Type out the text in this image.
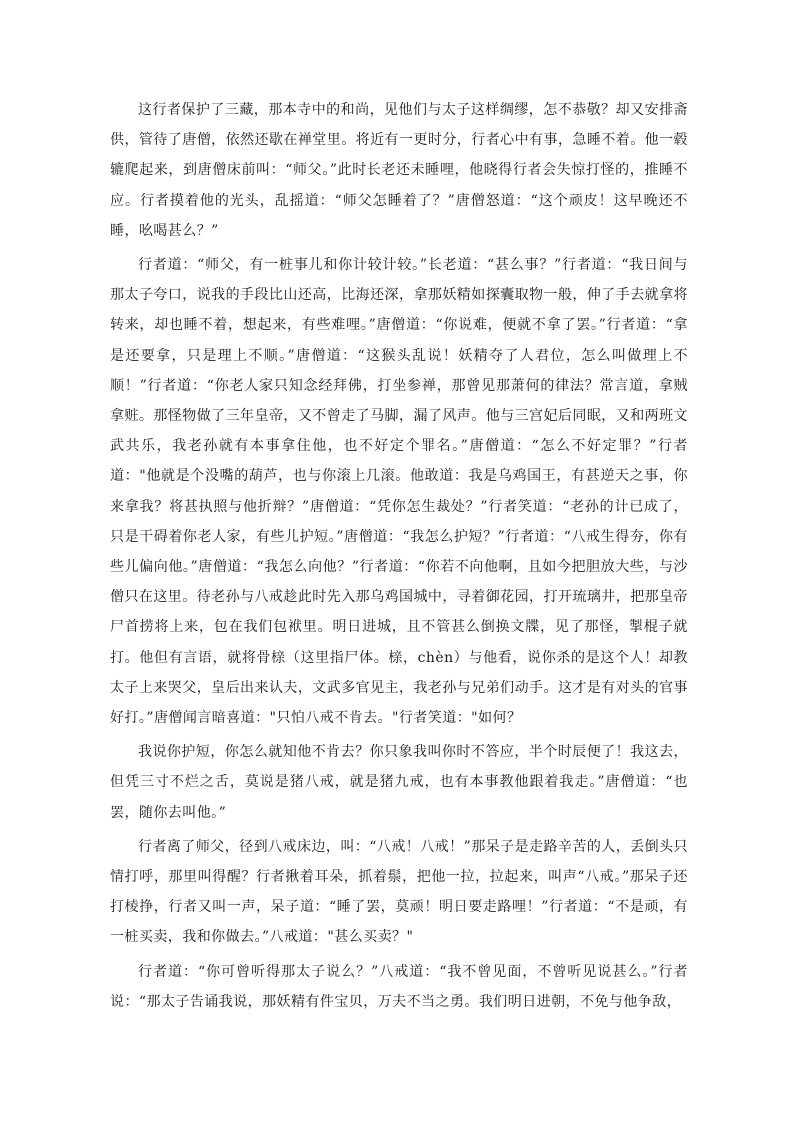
这行者保护了三藏，那本寺中的和尚，见他们与太子这样绸缪，怎不恭敬？却又安排斋供，管待了唐僧，依然还歇在禅堂里。将近有一更时分，行者心中有事，急睡不着。他一毂辘爬起来，到唐僧床前叫：“师父。”此时长老还未睡哩，他晓得行者会失惊打怪的，推睡不应。行者摸着他的光头，乱摇道：“师父怎睡着了？”唐僧怒道：“这个顽皮！这早晚还不睡，吆喝甚么？”

行者道：“师父，有一桩事儿和你计较计较。”长老道：“甚么事？”行者道：“我日间与那太子夸口，说我的手段比山还高，比海还深，拿那妖精如探囊取物一般，伸了手去就拿将转来，却也睡不着，想起来，有些难哩。”唐僧道：“你说难，便就不拿了罢。”行者道：“拿是还要拿，只是理上不顺。”唐僧道：“这猴头乱说！妖精夺了人君位，怎么叫做理上不顺！”行者道：“你老人家只知念经拜佛，打坐参禅，那曾见那萧何的律法？常言道，拿贼拿赃。那怪物做了三年皇帝，又不曾走了马脚，漏了风声。他与三宫妃后同眠，又和两班文武共乐，我老孙就有本事拿住他，也不好定个罪名。”唐僧道：“怎么不好定罪？”行者道："他就是个没嘴的葫芦，也与你滚上几滚。他敢道：我是乌鸡国王，有甚逆天之事，你来拿我？将甚执照与他折辩？”唐僧道：“凭你怎生裁处？”行者笑道：“老孙的计已成了，只是干碍着你老人家，有些儿护短。”唐僧道：“我怎么护短？”行者道：“八戒生得夯，你有些儿偏向他。”唐僧道：“我怎么向他？”行者道：“你若不向他啊，且如今把胆放大些，与沙僧只在这里。待老孙与八戒趁此时先入那乌鸡国城中，寻着御花园，打开琉璃井，把那皇帝尸首捞将上来，包在我们包袱里。明日进城，且不管甚么倒换文牒，见了那怪，掣棍子就打。他但有言语，就将骨榇（这里指尸体。榇，chèn）与他看，说你杀的是这个人！却教太子上来哭父，皇后出来认夫，文武多官见主，我老孙与兄弟们动手。这才是有对头的官事好打。”唐僧闻言暗喜道："只怕八戒不肯去。"行者笑道："如何？

我说你护短，你怎么就知他不肯去？你只象我叫你时不答应，半个时辰便了！我这去，但凭三寸不烂之舌，莫说是猪八戒，就是猪九戒，也有本事教他跟着我走。”唐僧道：“也罢，随你去叫他。”

行者离了师父，径到八戒床边，叫：“八戒！八戒！”那呆子是走路辛苦的人，丢倒头只情打呼，那里叫得醒？行者揪着耳朵，抓着鬃，把他一拉，拉起来，叫声“八戒。”那呆子还打棱挣，行者又叫一声，呆子道：“睡了罢，莫顽！明日要走路哩！”行者道：“不是顽，有一桩买卖，我和你做去。”八戒道："甚么买卖？"

行者道：“你可曾听得那太子说么？”八戒道：“我不曾见面，不曾听见说甚么。”行者说：“那太子告诵我说，那妖精有件宝贝，万夫不当之勇。我们明日进朝，不免与他争敌，
